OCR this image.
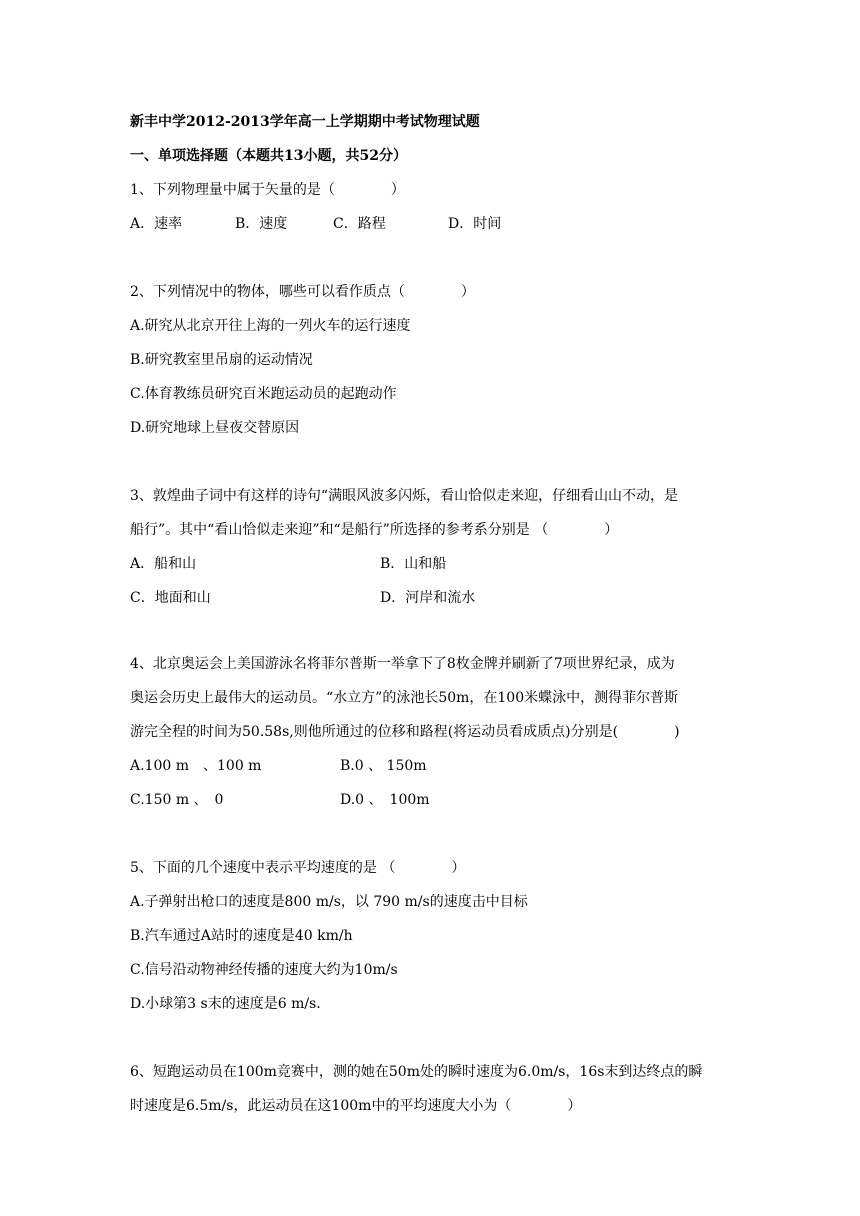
新丰中学2012-2013学年高一上学期期中考试物理试题
一、单项选择题（本题共13小题，共52分）
1、下列物理量中属于矢量的是（　　　　）
A．速率	B．速度	C．路程	D．时间
2、下列情况中的物体，哪些可以看作质点（　　　　）
A.研究从北京开往上海的一列火车的运行速度
B.研究教室里吊扇的运动情况
C.体育教练员研究百米跑运动员的起跑动作
D.研究地球上昼夜交替原因
3、敦煌曲子词中有这样的诗句“满眼风波多闪烁，看山恰似走来迎，仔细看山山不动，是
船行”。其中“看山恰似走来迎”和“是船行”所选择的参考系分别是 （　　　　）
A．船和山	B．山和船
C．地面和山	D．河岸和流水
4、北京奥运会上美国游泳名将菲尔普斯一举拿下了8枚金牌并刷新了7项世界纪录，成为
奥运会历史上最伟大的运动员。“水立方”的泳池长50m，在100米蝶泳中，测得菲尔普斯
游完全程的时间为50.58s,则他所通过的位移和路程(将运动员看成质点)分别是(　　　　)
A.100 m　、100 m	B.0 、 150m
C.150 m 、　0	D.0 、　100m
5、下面的几个速度中表示平均速度的是 （　　　　）
A.子弹射出枪口的速度是800 m/s，以 790 m/s的速度击中目标
B.汽车通过A站时的速度是40 km/h
C.信号沿动物神经传播的速度大约为10m/s
D.小球第3 s末的速度是6 m/s.
6、短跑运动员在100m竞赛中，测的她在50m处的瞬时速度为6.0m/s，16s末到达终点的瞬
时速度是6.5m/s，此运动员在这100m中的平均速度大小为（　　　　）
